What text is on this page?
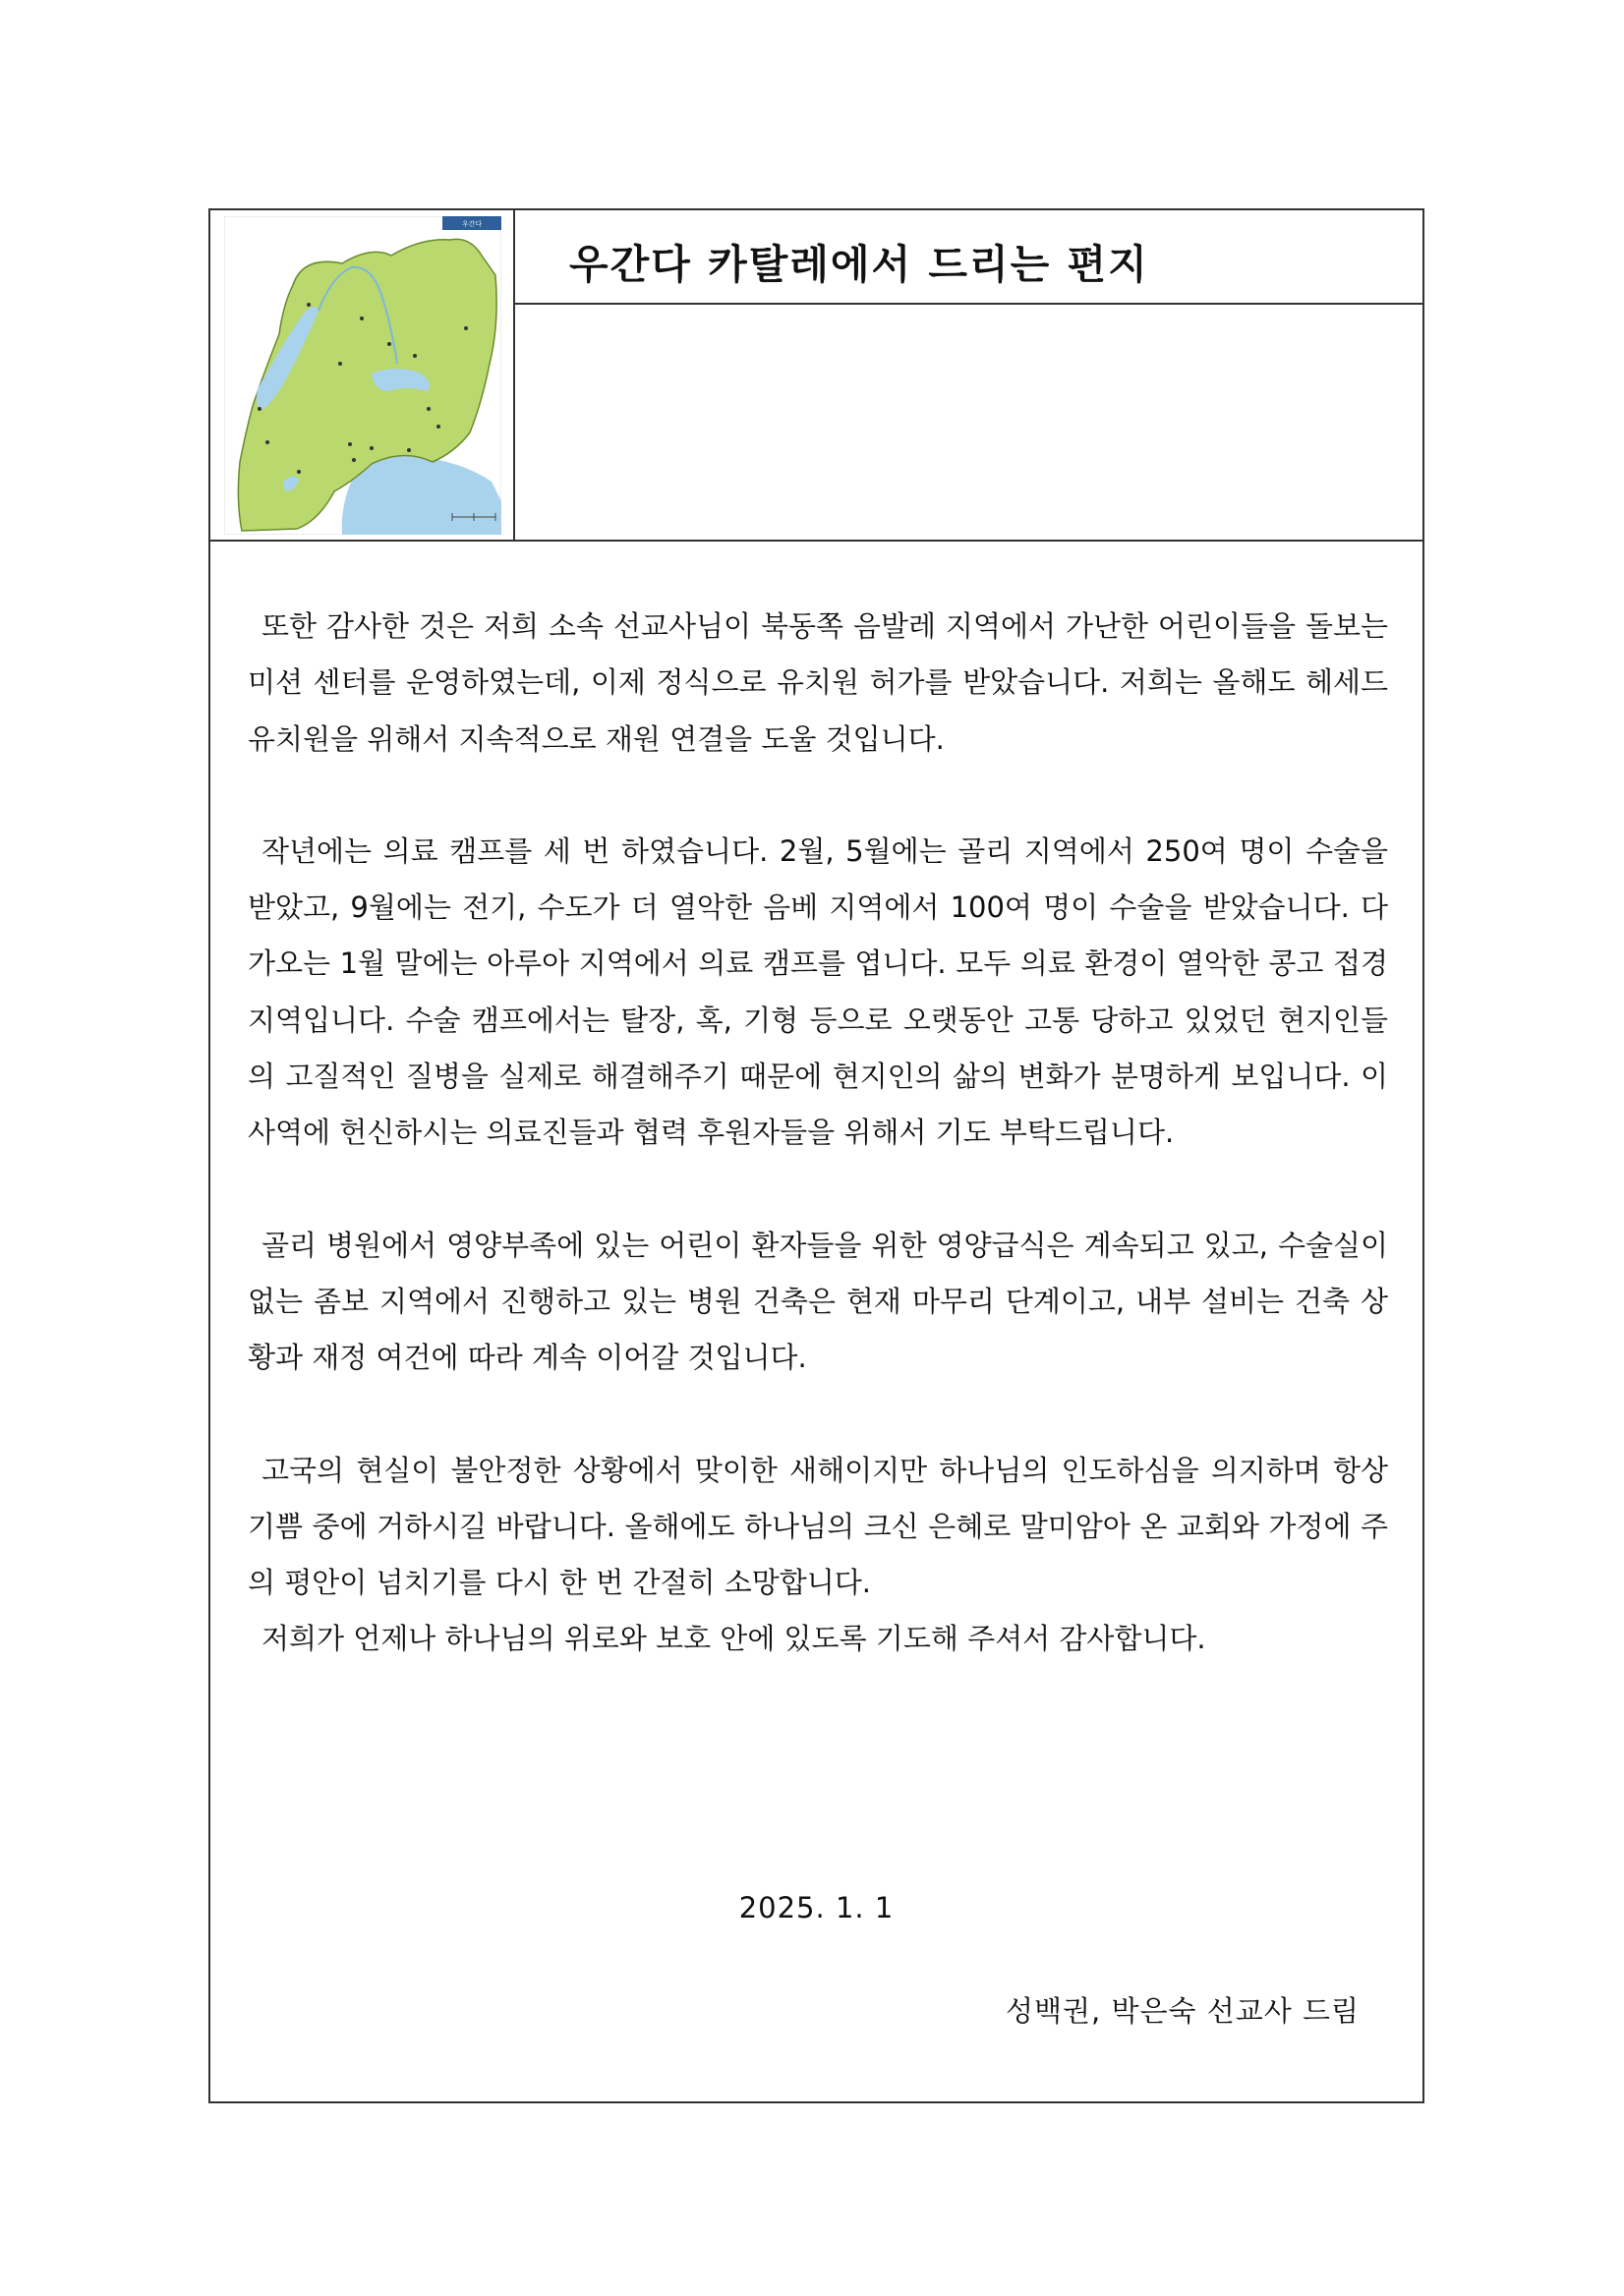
우간다
우간다 카탈레에서 드리는 편지

또한 감사한 것은 저희 소속 선교사님이 북동쪽 음발레 지역에서 가난한 어린이들을 돌보는 미션 센터를 운영하였는데, 이제 정식으로 유치원 허가를 받았습니다. 저희는 올해도 헤세드 유치원을 위해서 지속적으로 재원 연결을 도울 것입니다.

작년에는 의료 캠프를 세 번 하였습니다. 2월, 5월에는 골리 지역에서 250여 명이 수술을 받았고, 9월에는 전기, 수도가 더 열악한 음베 지역에서 100여 명이 수술을 받았습니다. 다가오는 1월 말에는 아루아 지역에서 의료 캠프를 엽니다. 모두 의료 환경이 열악한 콩고 접경 지역입니다. 수술 캠프에서는 탈장, 혹, 기형 등으로 오랫동안 고통 당하고 있었던 현지인들의 고질적인 질병을 실제로 해결해주기 때문에 현지인의 삶의 변화가 분명하게 보입니다. 이 사역에 헌신하시는 의료진들과 협력 후원자들을 위해서 기도 부탁드립니다.

골리 병원에서 영양부족에 있는 어린이 환자들을 위한 영양급식은 계속되고 있고, 수술실이 없는 좀보 지역에서 진행하고 있는 병원 건축은 현재 마무리 단계이고, 내부 설비는 건축 상황과 재정 여건에 따라 계속 이어갈 것입니다.

고국의 현실이 불안정한 상황에서 맞이한 새해이지만 하나님의 인도하심을 의지하며 항상 기쁨 중에 거하시길 바랍니다. 올해에도 하나님의 크신 은혜로 말미암아 온 교회와 가정에 주의 평안이 넘치기를 다시 한 번 간절히 소망합니다.

저희가 언제나 하나님의 위로와 보호 안에 있도록 기도해 주셔서 감사합니다.

2025. 1. 1
성백권, 박은숙 선교사 드림
